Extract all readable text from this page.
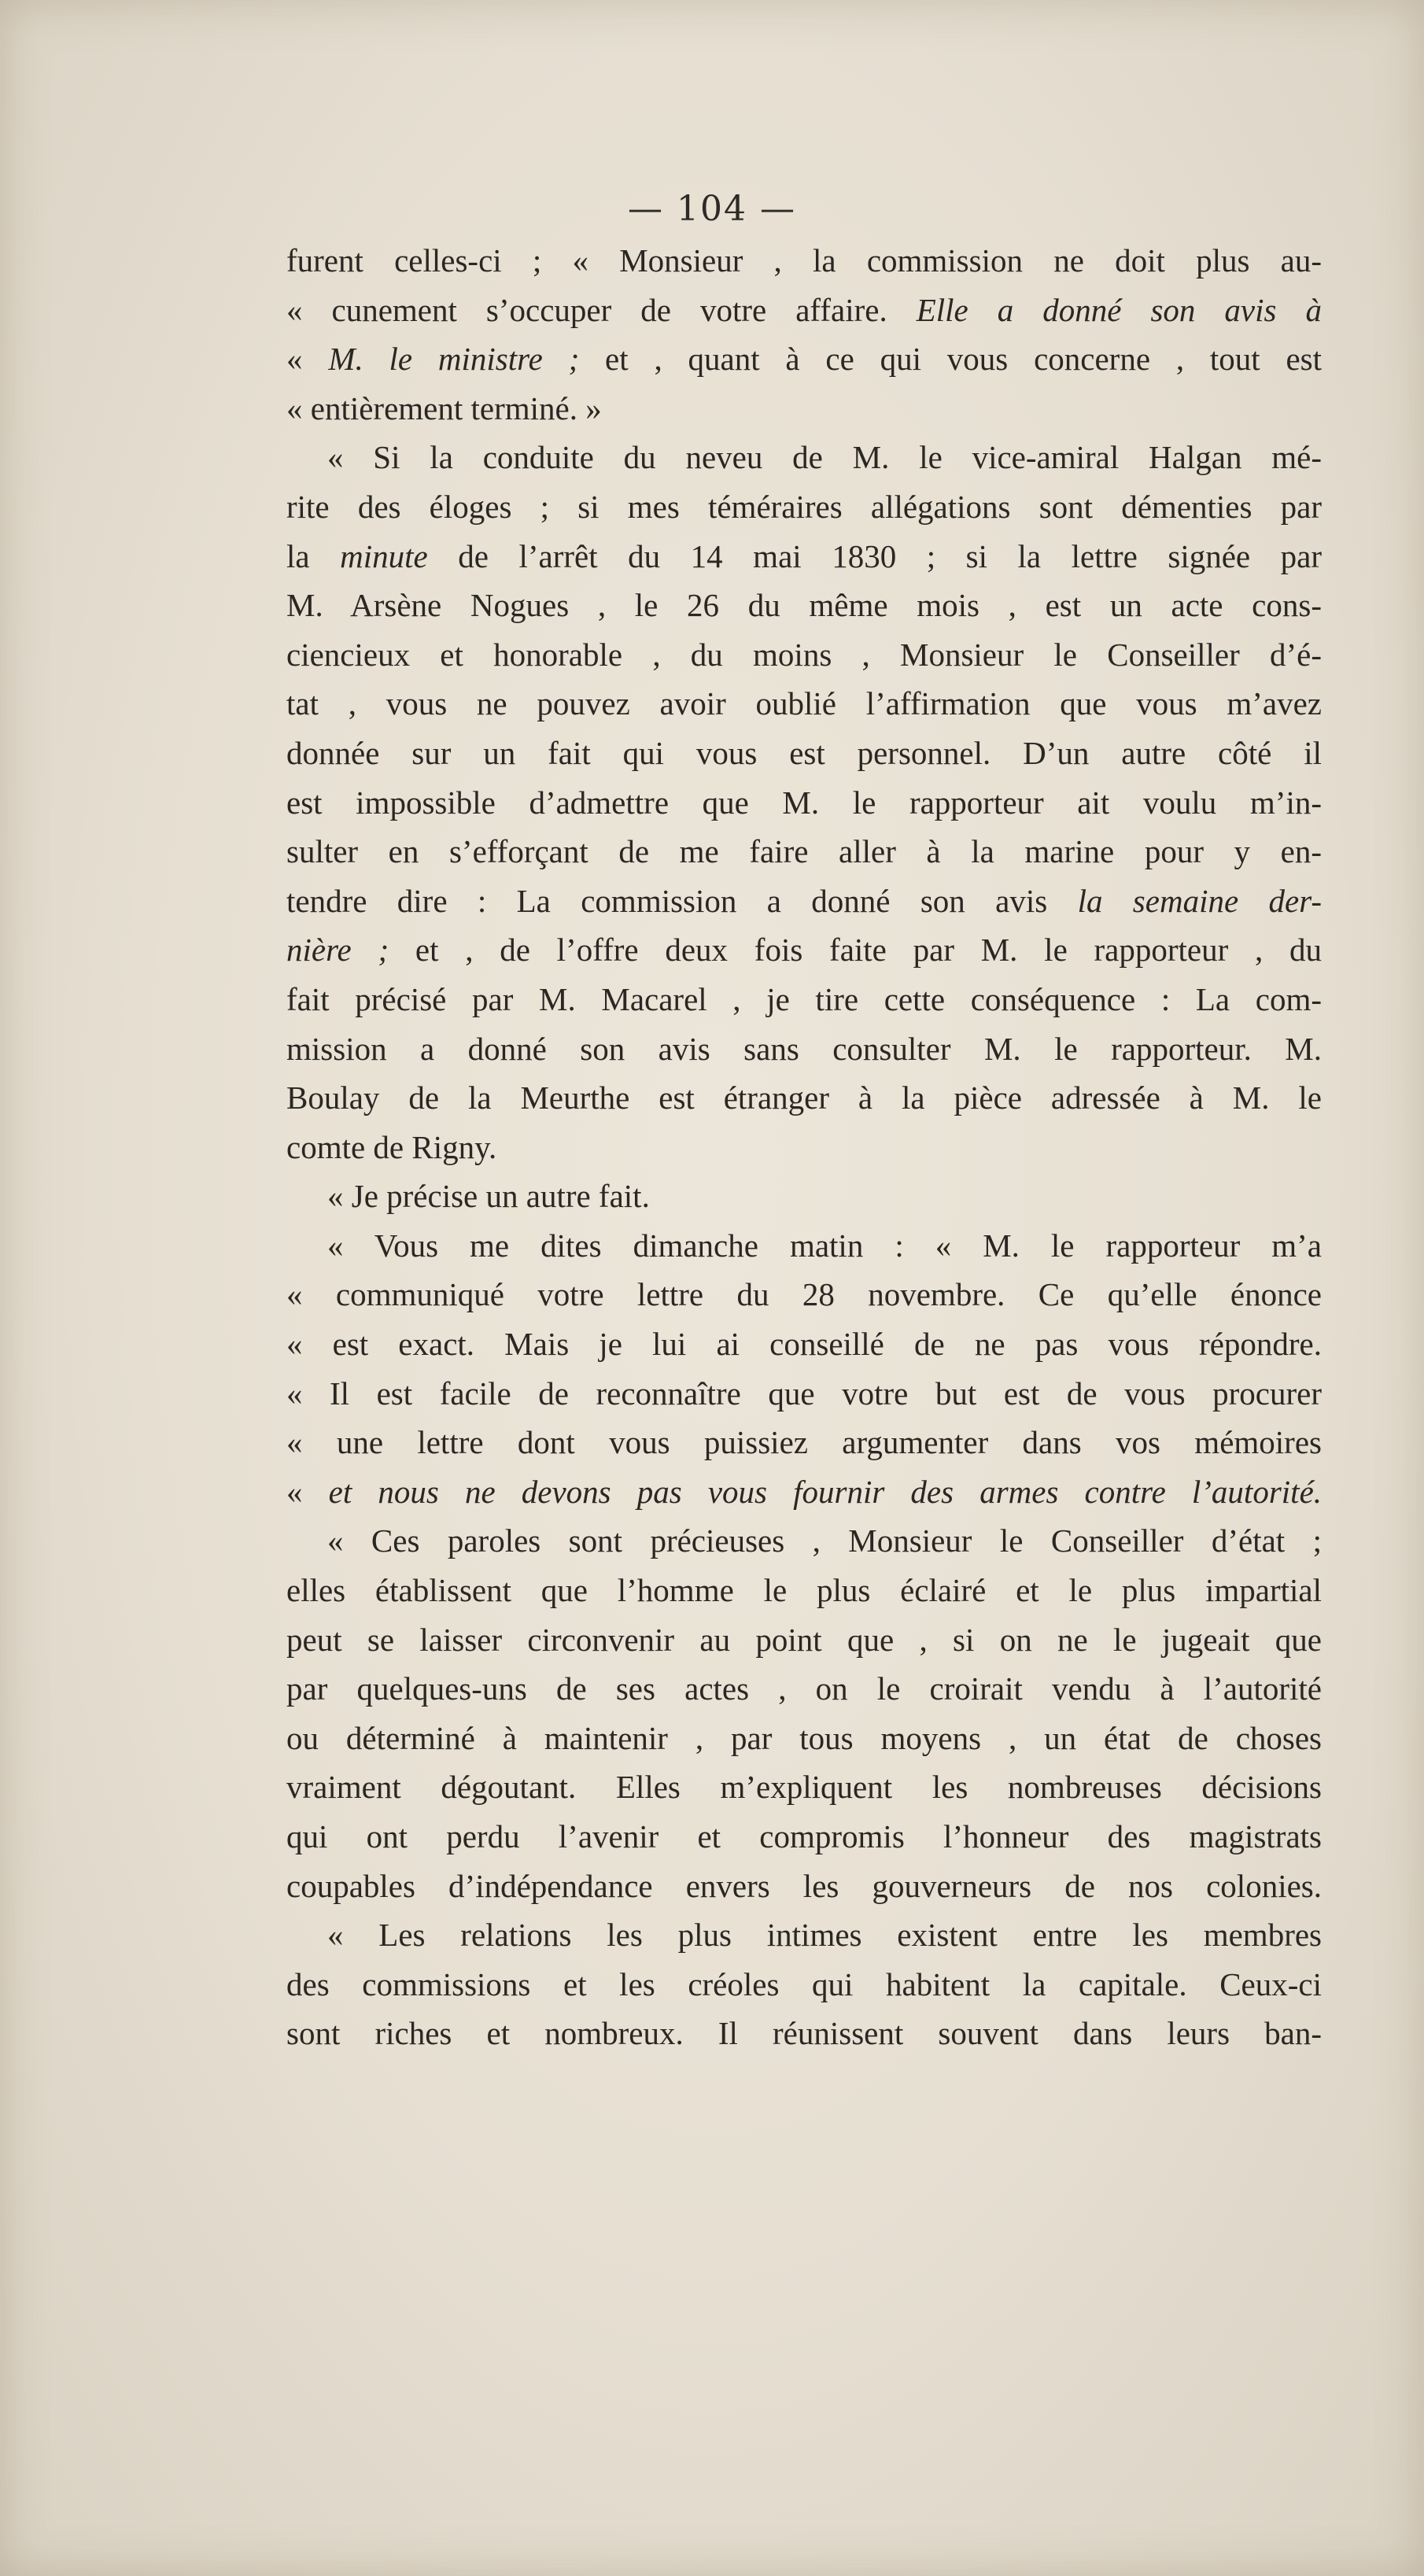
— 104 —
furent celles-ci ; « Monsieur , la commission ne doit plus au-
« cunement s’occuper de votre affaire. Elle a donné son avis à
« M. le ministre ; et , quant à ce qui vous concerne , tout est
« entièrement terminé. »
« Si la conduite du neveu de M. le vice-amiral Halgan mé-
rite des éloges ; si mes téméraires allégations sont démenties par
la minute de l’arrêt du 14 mai 1830 ; si la lettre signée par
M. Arsène Nogues , le 26 du même mois , est un acte cons-
ciencieux et honorable , du moins , Monsieur le Conseiller d’é-
tat , vous ne pouvez avoir oublié l’affirmation que vous m’avez
donnée sur un fait qui vous est personnel. D’un autre côté il
est impossible d’admettre que M. le rapporteur ait voulu m’in-
sulter en s’efforçant de me faire aller à la marine pour y en-
tendre dire : La commission a donné son avis la semaine der-
nière ; et , de l’offre deux fois faite par M. le rapporteur , du
fait précisé par M. Macarel , je tire cette conséquence : La com-
mission a donné son avis sans consulter M. le rapporteur. M.
Boulay de la Meurthe est étranger à la pièce adressée à M. le
comte de Rigny.
« Je précise un autre fait.
« Vous me dites dimanche matin : « M. le rapporteur m’a
« communiqué votre lettre du 28 novembre. Ce qu’elle énonce
« est exact. Mais je lui ai conseillé de ne pas vous répondre.
« Il est facile de reconnaître que votre but est de vous procurer
« une lettre dont vous puissiez argumenter dans vos mémoires
« et nous ne devons pas vous fournir des armes contre l’autorité.
« Ces paroles sont précieuses , Monsieur le Conseiller d’état ;
elles établissent que l’homme le plus éclairé et le plus impartial
peut se laisser circonvenir au point que , si on ne le jugeait que
par quelques-uns de ses actes , on le croirait vendu à l’autorité
ou déterminé à maintenir , par tous moyens , un état de choses
vraiment dégoutant. Elles m’expliquent les nombreuses décisions
qui ont perdu l’avenir et compromis l’honneur des magistrats
coupables d’indépendance envers les gouverneurs de nos colonies.
« Les relations les plus intimes existent entre les membres
des commissions et les créoles qui habitent la capitale. Ceux-ci
sont riches et nombreux. Il réunissent souvent dans leurs ban-
